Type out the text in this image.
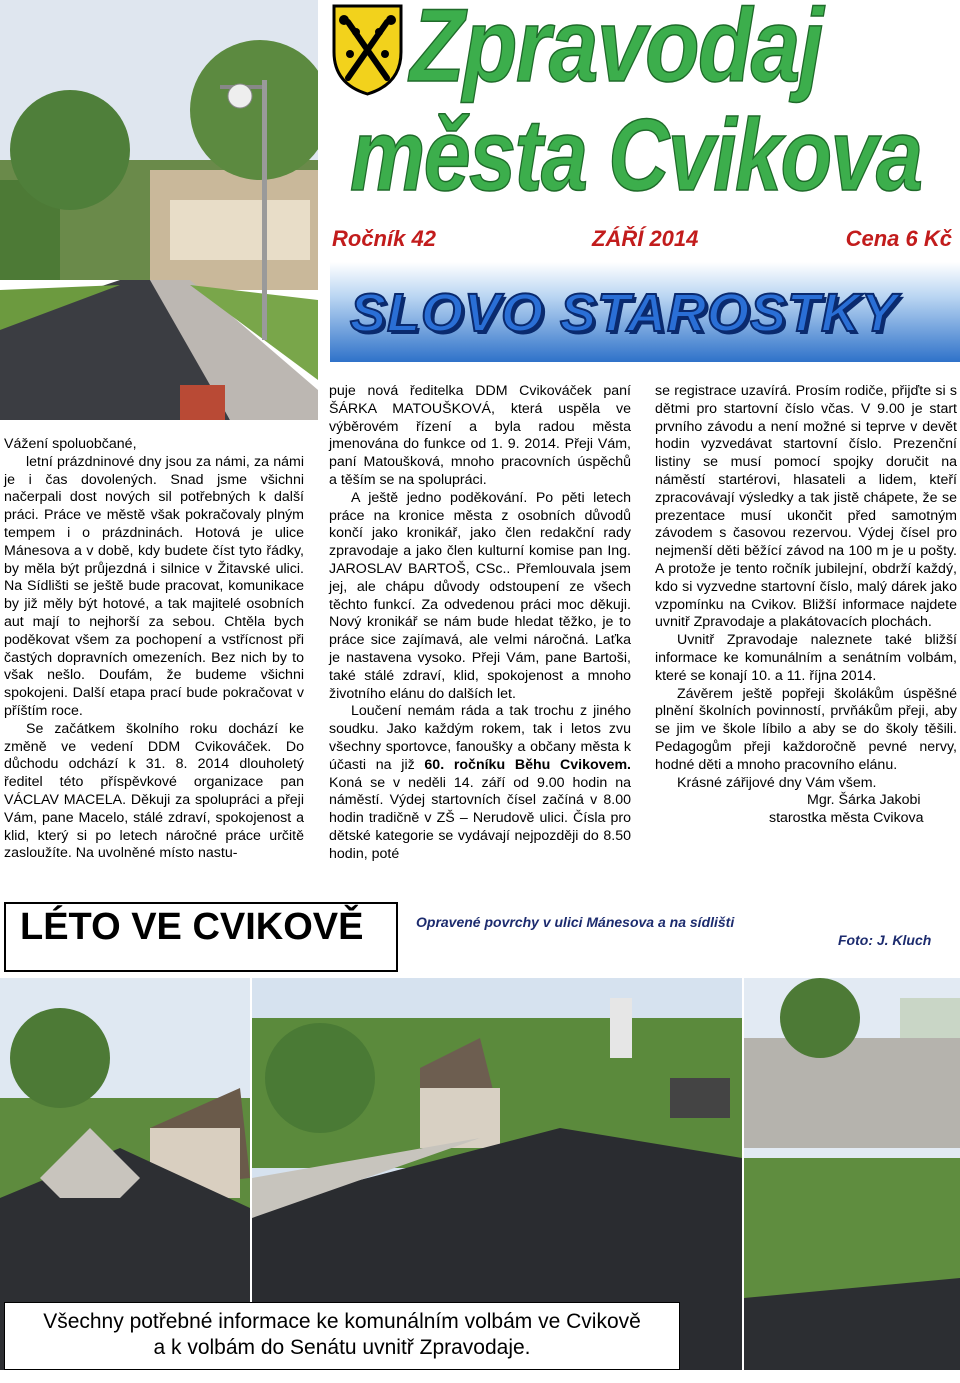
Zpravodaj
města Cvikova
Ročník 42	ZÁŘÍ 2014	Cena 6 Kč
SLOVO STAROSTKY

Vážení spoluobčané,

letní prázdninové dny jsou za námi, za námi je i čas dovolených. Snad jsme všichni načerpali dost nových sil potřebných k další práci. Práce ve městě však pokračovaly plným tempem i o prázdninách. Hotová je ulice Mánesova a v době, kdy budete číst tyto řádky, by měla být průjezdná i silnice v Žitavské ulici. Na Sídlišti se ještě bude pracovat, komunikace by již měly být hotové, a tak majitelé osobních aut mají to nejhorší za sebou. Chtěla bych poděkovat všem za pochopení a vstřícnost při častých dopravních omezeních. Bez nich by to však nešlo. Doufám, že budeme všichni spokojeni. Další etapa prací bude pokračovat v příštím roce.

Se začátkem školního roku dochází ke změně ve vedení DDM Cvikováček. Do důchodu odchází k 31. 8. 2014 dlouholetý ředitel této příspěvkové organizace pan VÁCLAV MACELA. Děkuji za spolupráci a přeji Vám, pane Macelo, stálé zdraví, spokojenost a klid, který si po letech náročné práce určitě zasloužíte. Na uvolněné místo nastu-

puje nová ředitelka DDM Cvikováček paní ŠÁRKA MATOUŠKOVÁ, která uspěla ve výběrovém řízení a byla radou města jmenována do funkce od 1. 9. 2014. Přeji Vám, paní Matoušková, mnoho pracovních úspěchů a těším se na spolupráci.

A ještě jedno poděkování. Po pěti letech práce na kronice města z osobních důvodů končí jako kronikář, jako člen redakční rady zpravodaje a jako člen kulturní komise pan Ing. JAROSLAV BARTOŠ, CSc.. Přemlouvala jsem jej, ale chápu důvody odstoupení ze všech těchto funkcí. Za odvedenou práci moc děkuji. Nový kronikář se nám bude hledat těžko, je to práce sice zajímavá, ale velmi náročná. Laťka je nastavena vysoko. Přeji Vám, pane Bartoši, také stálé zdraví, klid, spokojenost a mnoho životního elánu do dalších let.

Loučení nemám ráda a tak trochu z jiného soudku. Jako každým rokem, tak i letos zvu všechny sportovce, fanoušky a občany města k účasti na již 60. ročníku Běhu Cvikovem. Koná se v neděli 14. září od 9.00 hodin na náměstí. Výdej startovních čísel začíná v 8.00 hodin tradičně v ZŠ – Nerudově ulici. Čísla pro dětské kategorie se vydávají nejpozději do 8.50 hodin, poté

se registrace uzavírá. Prosím rodiče, přijďte si s dětmi pro startovní číslo včas. V 9.00 je start prvního závodu a není možné si teprve v devět hodin vyzvedávat startovní číslo. Prezenční listiny se musí pomocí spojky doručit na náměstí startérovi, hlasateli a lidem, kteří zpracovávají výsledky a tak jistě chápete, že se prezentace musí ukončit před samotným závodem s časovou rezervou. Výdej čísel pro nejmenší děti běžící závod na 100 m je u pošty. A protože je tento ročník jubilejní, obdrží každý, kdo si vyzvedne startovní číslo, malý dárek jako vzpomínku na Cvikov. Bližší informace najdete uvnitř Zpravodaje a plakátovacích plochách.

Uvnitř Zpravodaje naleznete také bližší informace ke komunálním a senátním volbám, které se konají 10. a 11. října 2014.

Závěrem ještě popřeji školákům úspěšné plnění školních povinností, prvňákům přeji, aby se jim ve škole líbilo a aby se do školy těšili. Pedagogům přeji každoročně pevné nervy, hodné děti a mnoho pracovního elánu.

Krásné zářijové dny Vám všem.

Mgr. Šárka Jakobi

starostka města Cvikova

LÉTO VE CVIKOVĚ	Opravené povrchy v ulici Mánesova a na sídlišti
Foto: J. Kluch
Všechny potřebné informace ke komunálním volbám ve Cvikově
a k volbám do Senátu uvnitř Zpravodaje.
